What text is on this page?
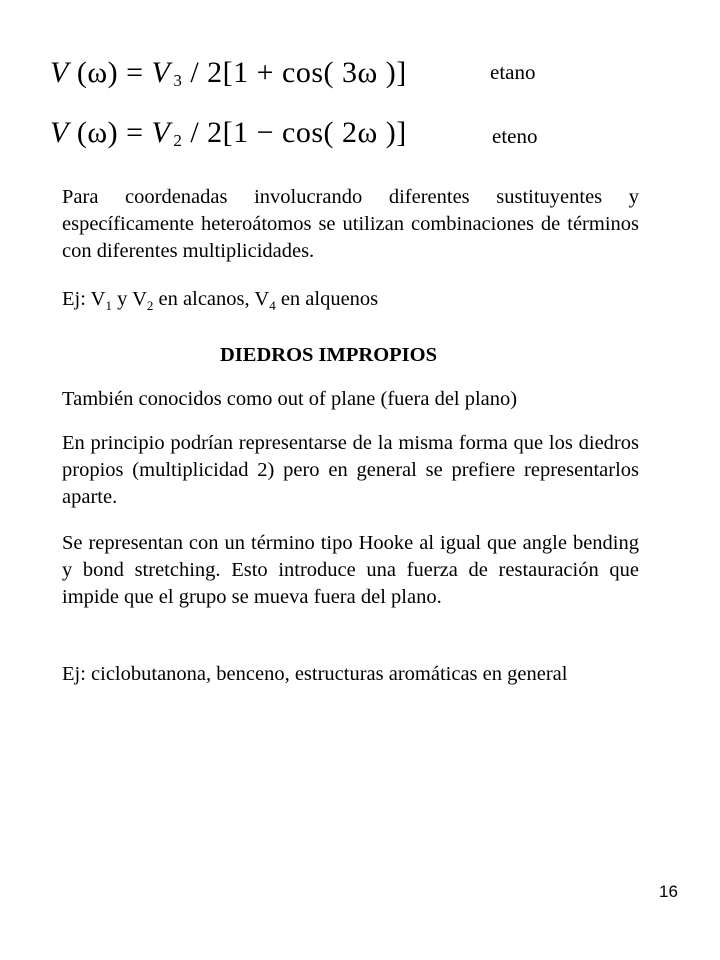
V (ω) = V 3 / 2[1 + cos( 3ω )]	etano
V (ω) = V 2 / 2[1 − cos( 2ω )]	eteno
Para coordenadas involucrando diferentes sustituyentes y específicamente heteroátomos se utilizan combinaciones de términos con diferentes multiplicidades.
Ej: $V_1$ y $V_2$ en alcanos, $V_4$ en alquenos
DIEDROS IMPROPIOS
También conocidos como out of plane (fuera del plano)
En principio podrían representarse de la misma forma que los diedros propios (multiplicidad 2) pero en general se prefiere representarlos aparte.
Se representan con un término tipo Hooke al igual que angle bending y bond stretching. Esto introduce una fuerza de restauración que impide que el grupo se mueva fuera del plano.
Ej: ciclobutanona, benceno, estructuras aromáticas en general
16
